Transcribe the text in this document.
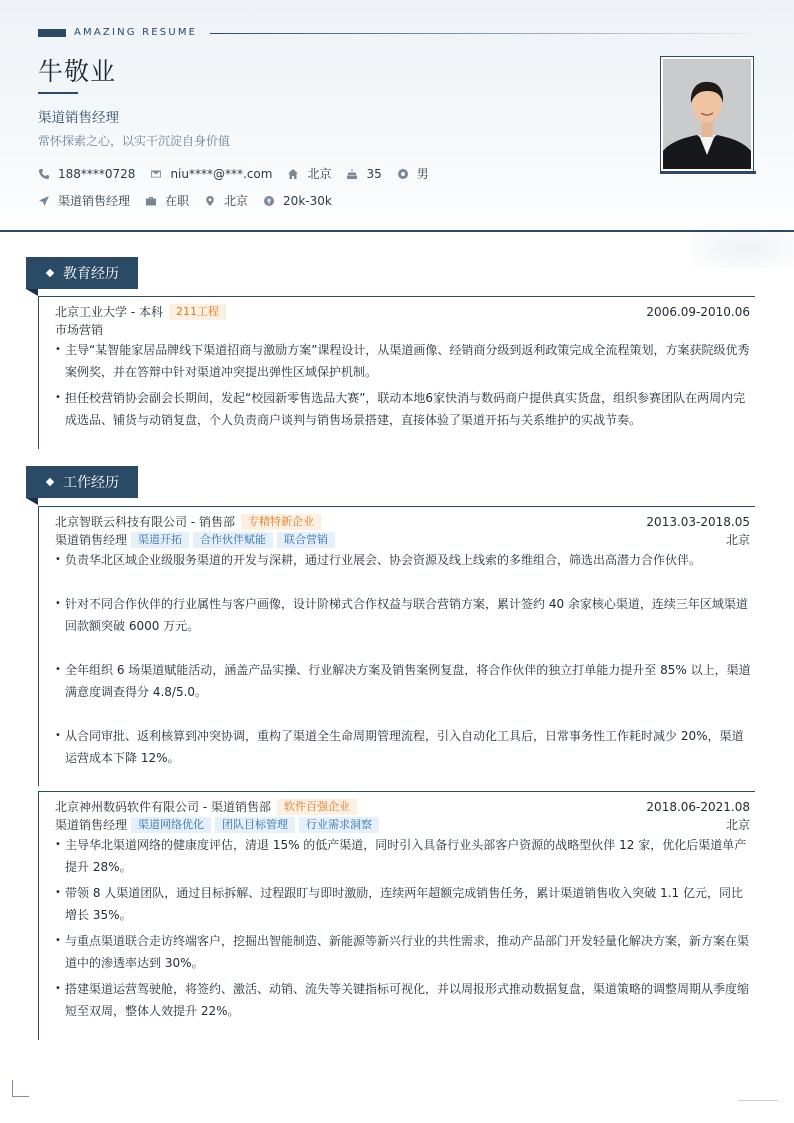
AMAZING RESUME
牛敬业
渠道销售经理
常怀探索之心，以实干沉淀自身价值
188****0728	niu****@***.com	北京	35	男
渠道销售经理	在职	北京	20k-30k
教育经历
北京工业大学 - 本科	211工程	2006.09-2010.06
市场营销
• 主导“某智能家居品牌线下渠道招商与激励方案”课程设计，从渠道画像、经销商分级到返利政策完成全流程策划，方案获院级优秀案例奖，并在答辩中针对渠道冲突提出弹性区域保护机制。
• 担任校营销协会副会长期间，发起“校园新零售选品大赛”，联动本地6家快消与数码商户提供真实货盘，组织参赛团队在两周内完成选品、铺货与动销复盘，个人负责商户谈判与销售场景搭建，直接体验了渠道开拓与关系维护的实战节奏。
工作经历
北京智联云科技有限公司 - 销售部	专精特新企业	2013.03-2018.05
渠道销售经理	渠道开拓	合作伙伴赋能	联合营销	北京
• 负责华北区域企业级服务渠道的开发与深耕，通过行业展会、协会资源及线上线索的多维组合，筛选出高潜力合作伙伴。
• 针对不同合作伙伴的行业属性与客户画像，设计阶梯式合作权益与联合营销方案，累计签约 40 余家核心渠道，连续三年区域渠道回款额突破 6000 万元。
• 全年组织 6 场渠道赋能活动，涵盖产品实操、行业解决方案及销售案例复盘，将合作伙伴的独立打单能力提升至 85% 以上，渠道满意度调查得分 4.8/5.0。
• 从合同审批、返利核算到冲突协调，重构了渠道全生命周期管理流程，引入自动化工具后，日常事务性工作耗时减少 20%，渠道运营成本下降 12%。
北京神州数码软件有限公司 - 渠道销售部	软件百强企业	2018.06-2021.08
渠道销售经理	渠道网络优化	团队目标管理	行业需求洞察	北京
• 主导华北渠道网络的健康度评估，清退 15% 的低产渠道，同时引入具备行业头部客户资源的战略型伙伴 12 家，优化后渠道单产提升 28%。
• 带领 8 人渠道团队，通过目标拆解、过程跟盯与即时激励，连续两年超额完成销售任务，累计渠道销售收入突破 1.1 亿元，同比增长 35%。
• 与重点渠道联合走访终端客户，挖掘出智能制造、新能源等新兴行业的共性需求，推动产品部门开发轻量化解决方案，新方案在渠道中的渗透率达到 30%。
• 搭建渠道运营驾驶舱，将签约、激活、动销、流失等关键指标可视化，并以周报形式推动数据复盘，渠道策略的调整周期从季度缩短至双周，整体人效提升 22%。
